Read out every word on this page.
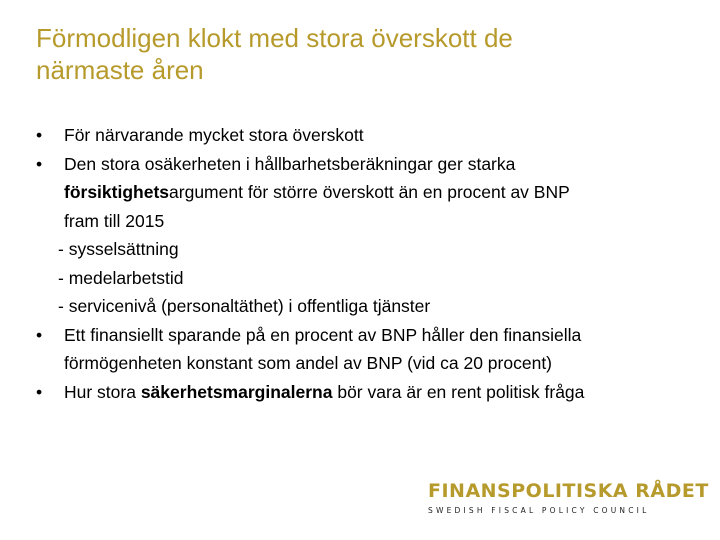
Förmodligen klokt med stora överskott de
närmaste åren
•	För närvarande mycket stora överskott
•	Den stora osäkerheten i hållbarhetsberäkningar ger starka
försiktighetsargument för större överskott än en procent av BNP
fram till 2015
- sysselsättning
- medelarbetstid
- servicenivå (personaltäthet) i offentliga tjänster
•	Ett finansiellt sparande på en procent av BNP håller den finansiella
förmögenheten konstant som andel av BNP (vid ca 20 procent)
•	Hur stora säkerhetsmarginalerna bör vara är en rent politisk fråga
FINANSPOLITISKA RÅDET
SWEDISH FISCAL POLICY COUNCIL
